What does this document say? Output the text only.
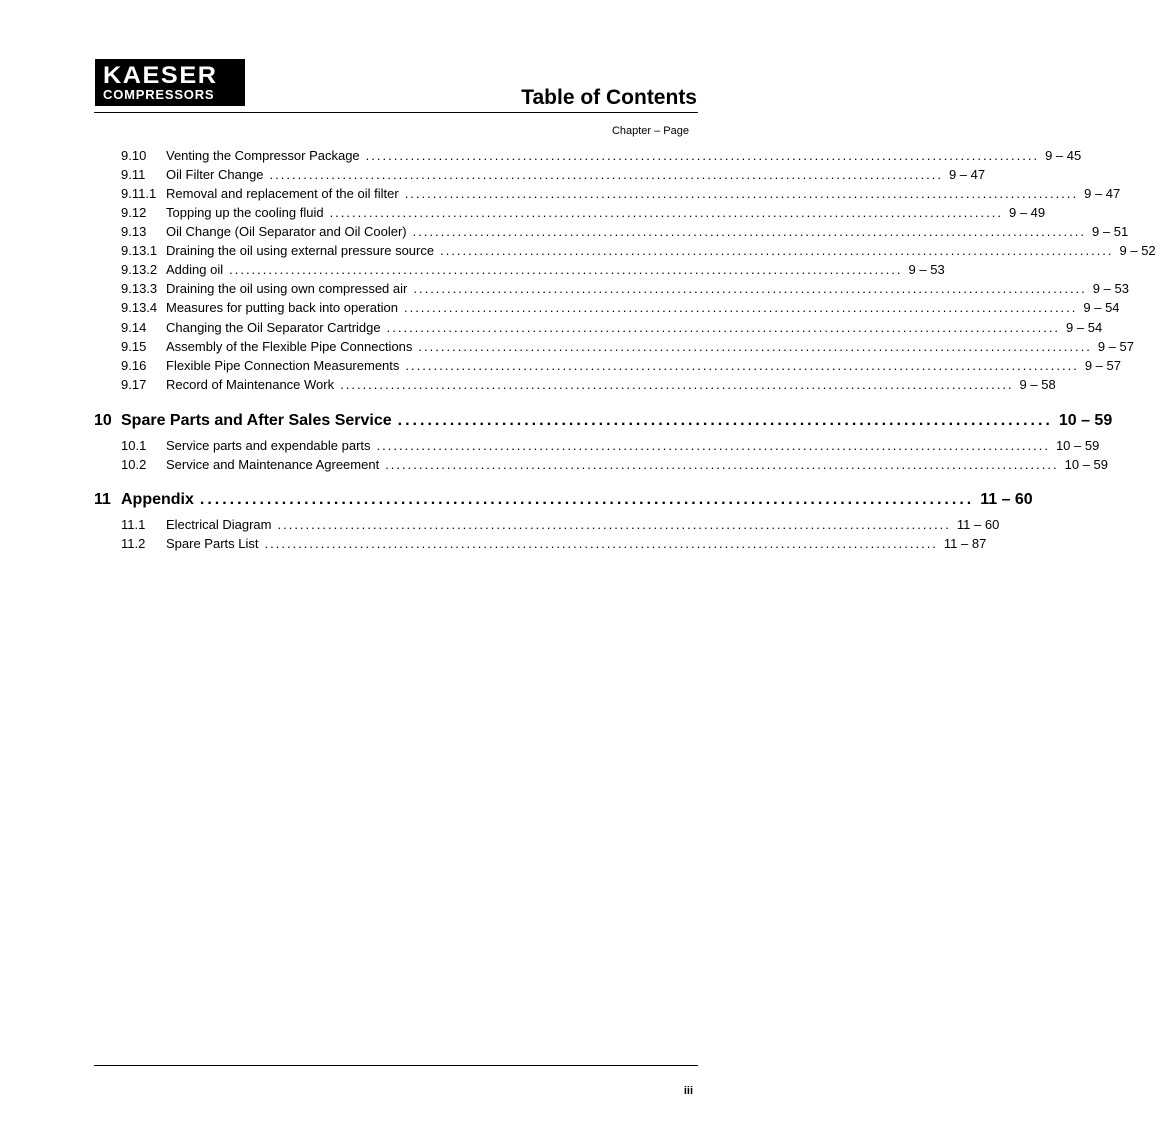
KAESER
COMPRESSORS	Table of Contents
Chapter – Page
9.10	Venting the Compressor Package ........................................................................................................................ 9 – 45
9.11	Oil Filter Change ........................................................................................................................ 9 – 47
9.11.1 Removal and replacement of the oil filter ........................................................................................................................ 9 – 47
9.12	Topping up the cooling fluid ........................................................................................................................ 9 – 49
9.13	Oil Change (Oil Separator and Oil Cooler) ........................................................................................................................ 9 – 51
9.13.1 Draining the oil using external pressure source ........................................................................................................................ 9 – 52
9.13.2 Adding oil ........................................................................................................................ 9 – 53
9.13.3 Draining the oil using own compressed air ........................................................................................................................ 9 – 53
9.13.4 Measures for putting back into operation ........................................................................................................................ 9 – 54
9.14	Changing the Oil Separator Cartridge ........................................................................................................................ 9 – 54
9.15	Assembly of the Flexible Pipe Connections ........................................................................................................................ 9 – 57
9.16	Flexible Pipe Connection Measurements ........................................................................................................................ 9 – 57
9.17	Record of Maintenance Work ........................................................................................................................ 9 – 58
10 Spare Parts and After Sales Service ........................................................................................ 10 – 59
10.1	Service parts and expendable parts ........................................................................................................................ 10 – 59
10.2	Service and Maintenance Agreement ........................................................................................................................ 10 – 59
11 Appendix ........................................................................................................ 11 – 60
11.1	Electrical Diagram ........................................................................................................................ 11 – 60
11.2	Spare Parts List ........................................................................................................................ 11 – 87
iii
